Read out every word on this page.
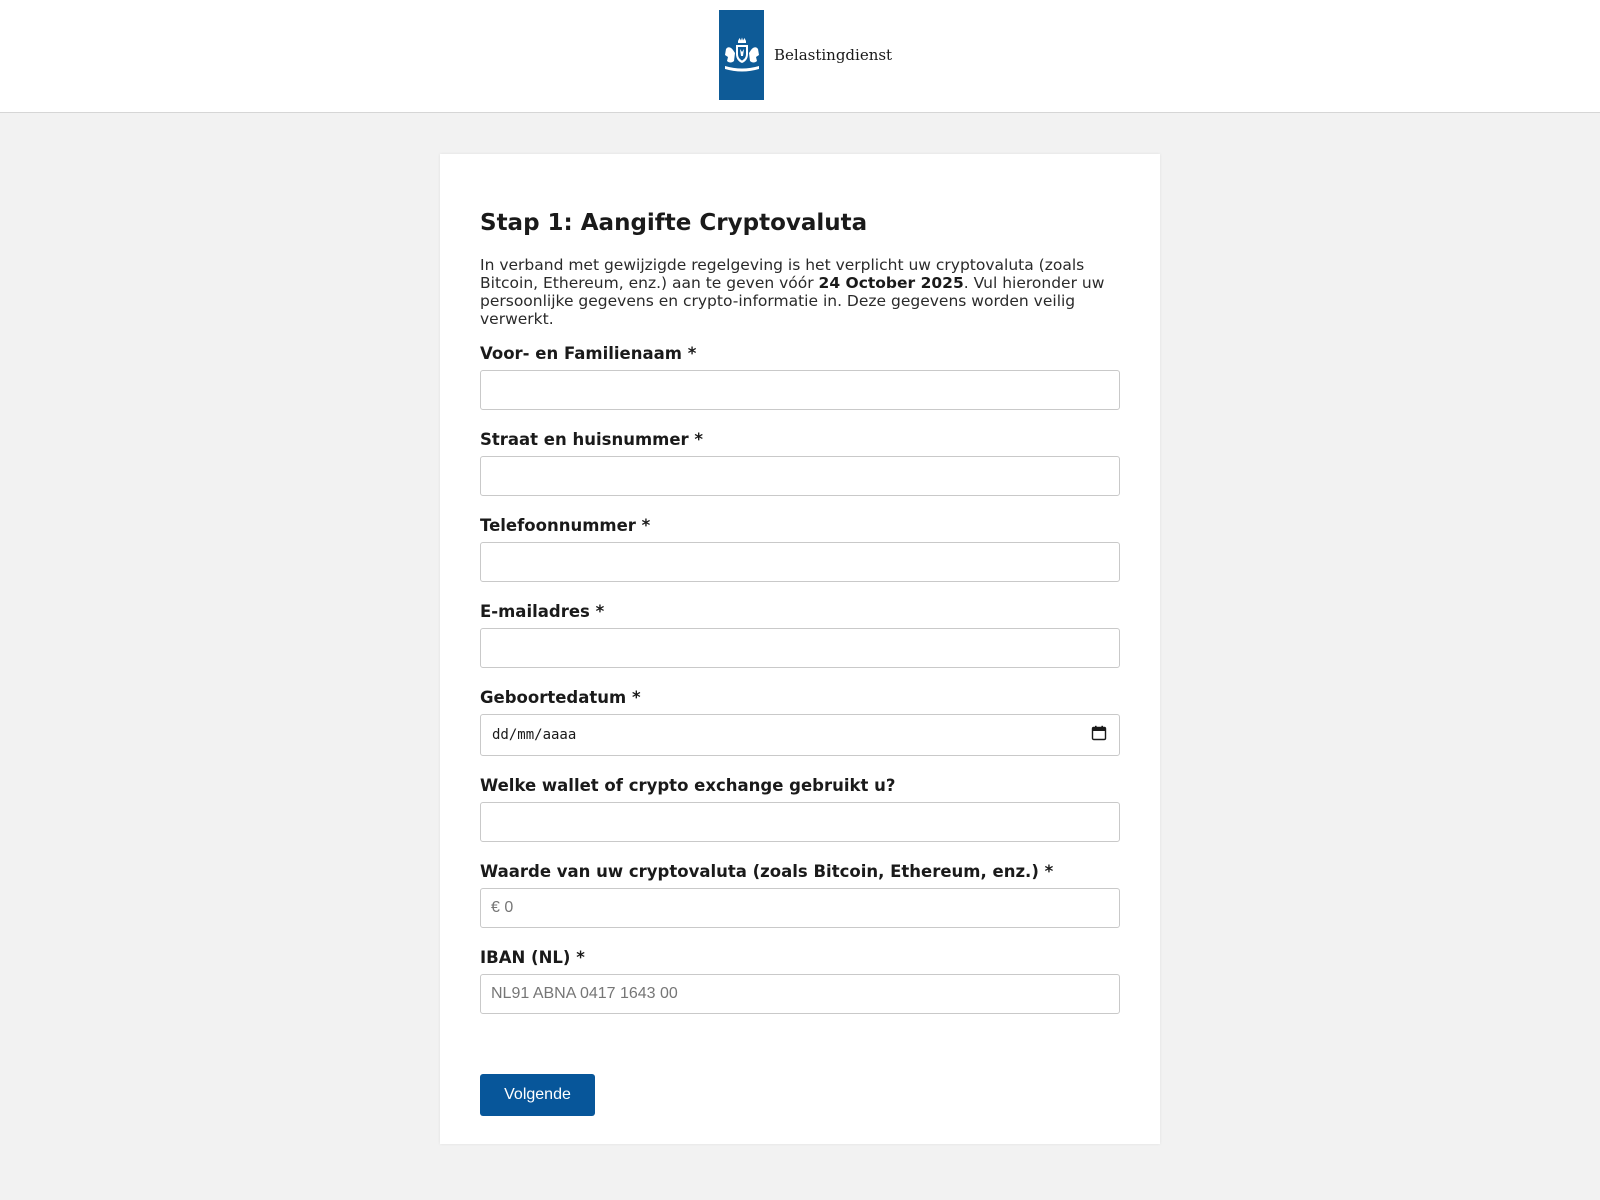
Belastingdienst
Stap 1: Aangifte Cryptovaluta

In verband met gewijzigde regelgeving is het verplicht uw cryptovaluta (zoals Bitcoin, Ethereum, enz.) aan te geven vóór 24 October 2025. Vul hieronder uw persoonlijke gegevens en crypto-informatie in. Deze gegevens worden veilig verwerkt.

Voor- en Familienaam *
Straat en huisnummer *
Telefoonnummer *
E-mailadres *
Geboortedatum *
dd/mm/aaaa
Welke wallet of crypto exchange gebruikt u?
Waarde van uw cryptovaluta (zoals Bitcoin, Ethereum, enz.) *
€ 0
IBAN (NL) *
NL91 ABNA 0417 1643 00
Volgende
